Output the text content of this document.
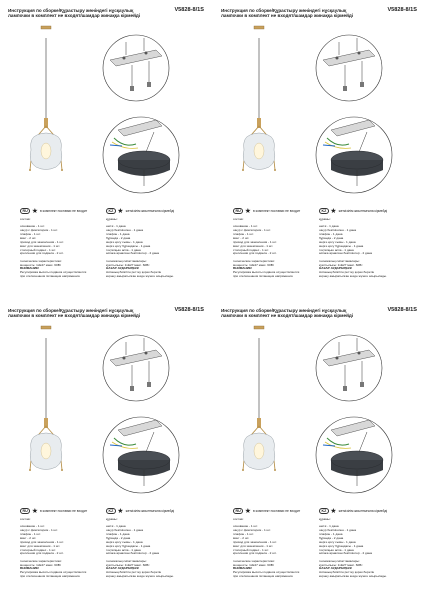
Инструкция по сборке/Құрастыру жөніндегі нұсқаулық	V5828-8/1S
лампочки в комплект не входят/шамдар жинаққа кірмейді
RU ★ в комплект поставки не входит	KZ ★ жеткізілім жиынтығына кірмейді
состав:
основание - 1 шт.
шнур с фиксатором - 1 шт.
плафон - 1 шт.
винт - 2 шт.
провод для заземления - 1 шт.
винт для заземления - 1 шт.
стопорный подвес - 1 шт.
крепления для подвеса - 2 шт.
технические характеристики:
мощность: 1хЕ27 макс. 60Вт
ВНИМАНИЕ!
Регулировка высоты подвеса осуществляется
при отключенном питающем напряжении.
құрамы:
негізі - 1 дана
шнур бекіткішпен - 1 дана
плафон - 1 дана
бұранда - 2 дана
жерге қосу сымы - 1 дана
жерге қосу бұрандасы - 1 дана
тоқтатқыш аспа - 1 дана
аспаға арналған бекіткіштер - 2 дана
техникалық сипаттамалары:
қуаттылығы: 1хЕ27 макс. 60Вт
НАЗАР АУДАРЫҢЫЗ!
Аспаның биіктігін реттеу қорек беретін
кернеу ажыратылған кезде жүзеге асырылады.
Инструкция по сборке/Құрастыру жөніндегі нұсқаулық	V5828-8/1S
лампочки в комплект не входят/шамдар жинаққа кірмейді
RU ★ в комплект поставки не входит	KZ ★ жеткізілім жиынтығына кірмейді
состав:
основание - 1 шт.
шнур с фиксатором - 1 шт.
плафон - 1 шт.
винт - 2 шт.
провод для заземления - 1 шт.
винт для заземления - 1 шт.
стопорный подвес - 1 шт.
крепления для подвеса - 2 шт.
технические характеристики:
мощность: 1хЕ27 макс. 60Вт
ВНИМАНИЕ!
Регулировка высоты подвеса осуществляется
при отключенном питающем напряжении.
құрамы:
негізі - 1 дана
шнур бекіткішпен - 1 дана
плафон - 1 дана
бұранда - 2 дана
жерге қосу сымы - 1 дана
жерге қосу бұрандасы - 1 дана
тоқтатқыш аспа - 1 дана
аспаға арналған бекіткіштер - 2 дана
техникалық сипаттамалары:
қуаттылығы: 1хЕ27 макс. 60Вт
НАЗАР АУДАРЫҢЫЗ!
Аспаның биіктігін реттеу қорек беретін
кернеу ажыратылған кезде жүзеге асырылады.
Инструкция по сборке/Құрастыру жөніндегі нұсқаулық	V5828-8/1S
лампочки в комплект не входят/шамдар жинаққа кірмейді
RU ★ в комплект поставки не входит	KZ ★ жеткізілім жиынтығына кірмейді
состав:
основание - 1 шт.
шнур с фиксатором - 1 шт.
плафон - 1 шт.
винт - 2 шт.
провод для заземления - 1 шт.
винт для заземления - 1 шт.
стопорный подвес - 1 шт.
крепления для подвеса - 2 шт.
технические характеристики:
мощность: 1хЕ27 макс. 60Вт
ВНИМАНИЕ!
Регулировка высоты подвеса осуществляется
при отключенном питающем напряжении.
құрамы:
негізі - 1 дана
шнур бекіткішпен - 1 дана
плафон - 1 дана
бұранда - 2 дана
жерге қосу сымы - 1 дана
жерге қосу бұрандасы - 1 дана
тоқтатқыш аспа - 1 дана
аспаға арналған бекіткіштер - 2 дана
техникалық сипаттамалары:
қуаттылығы: 1хЕ27 макс. 60Вт
НАЗАР АУДАРЫҢЫЗ!
Аспаның биіктігін реттеу қорек беретін
кернеу ажыратылған кезде жүзеге асырылады.
Инструкция по сборке/Құрастыру жөніндегі нұсқаулық	V5828-8/1S
лампочки в комплект не входят/шамдар жинаққа кірмейді
RU ★ в комплект поставки не входит	KZ ★ жеткізілім жиынтығына кірмейді
состав:
основание - 1 шт.
шнур с фиксатором - 1 шт.
плафон - 1 шт.
винт - 2 шт.
провод для заземления - 1 шт.
винт для заземления - 1 шт.
стопорный подвес - 1 шт.
крепления для подвеса - 2 шт.
технические характеристики:
мощность: 1хЕ27 макс. 60Вт
ВНИМАНИЕ!
Регулировка высоты подвеса осуществляется
при отключенном питающем напряжении.
құрамы:
негізі - 1 дана
шнур бекіткішпен - 1 дана
плафон - 1 дана
бұранда - 2 дана
жерге қосу сымы - 1 дана
жерге қосу бұрандасы - 1 дана
тоқтатқыш аспа - 1 дана
аспаға арналған бекіткіштер - 2 дана
техникалық сипаттамалары:
қуаттылығы: 1хЕ27 макс. 60Вт
НАЗАР АУДАРЫҢЫЗ!
Аспаның биіктігін реттеу қорек беретін
кернеу ажыратылған кезде жүзеге асырылады.
